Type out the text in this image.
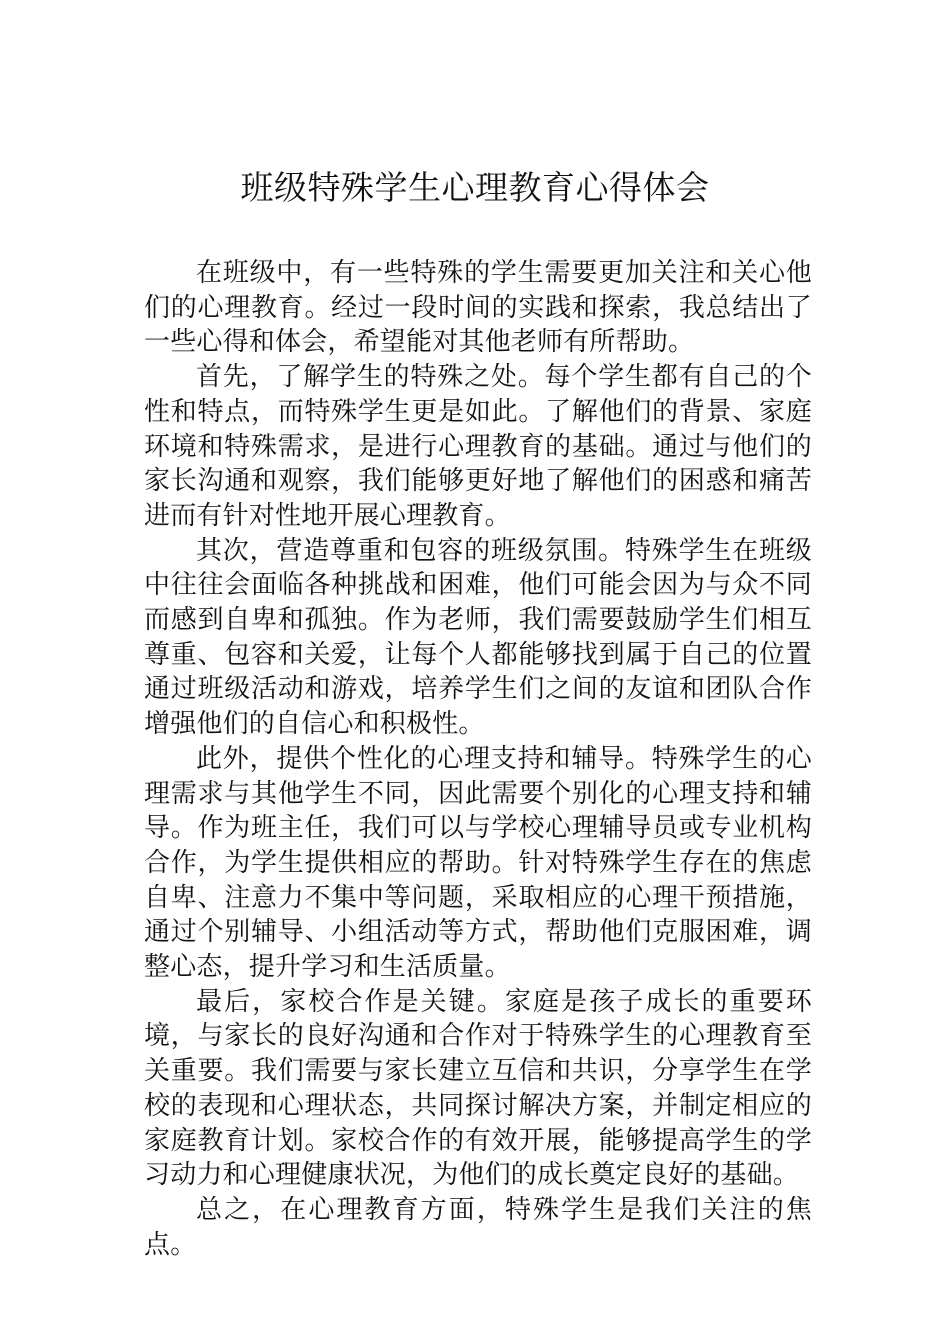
班级特殊学生心理教育心得体会

在班级中，有一些特殊的学生需要更加关注和关心他们的心理教育。经过一段时间的实践和探索，我总结出了一些心得和体会，希望能对其他老师有所帮助。

首先，了解学生的特殊之处。每个学生都有自己的个性和特点，而特殊学生更是如此。了解他们的背景、家庭环境和特殊需求，是进行心理教育的基础。通过与他们的家长沟通和观察，我们能够更好地了解他们的困惑和痛苦进而有针对性地开展心理教育。

其次，营造尊重和包容的班级氛围。特殊学生在班级中往往会面临各种挑战和困难，他们可能会因为与众不同而感到自卑和孤独。作为老师，我们需要鼓励学生们相互尊重、包容和关爱，让每个人都能够找到属于自己的位置通过班级活动和游戏，培养学生们之间的友谊和团队合作增强他们的自信心和积极性。

此外，提供个性化的心理支持和辅导。特殊学生的心理需求与其他学生不同，因此需要个别化的心理支持和辅导。作为班主任，我们可以与学校心理辅导员或专业机构合作，为学生提供相应的帮助。针对特殊学生存在的焦虑自卑、注意力不集中等问题，采取相应的心理干预措施，通过个别辅导、小组活动等方式，帮助他们克服困难，调整心态，提升学习和生活质量。

最后，家校合作是关键。家庭是孩子成长的重要环境，与家长的良好沟通和合作对于特殊学生的心理教育至关重要。我们需要与家长建立互信和共识，分享学生在学校的表现和心理状态，共同探讨解决方案，并制定相应的家庭教育计划。家校合作的有效开展，能够提高学生的学习动力和心理健康状况，为他们的成长奠定良好的基础。

总之，在心理教育方面，特殊学生是我们关注的焦点。
